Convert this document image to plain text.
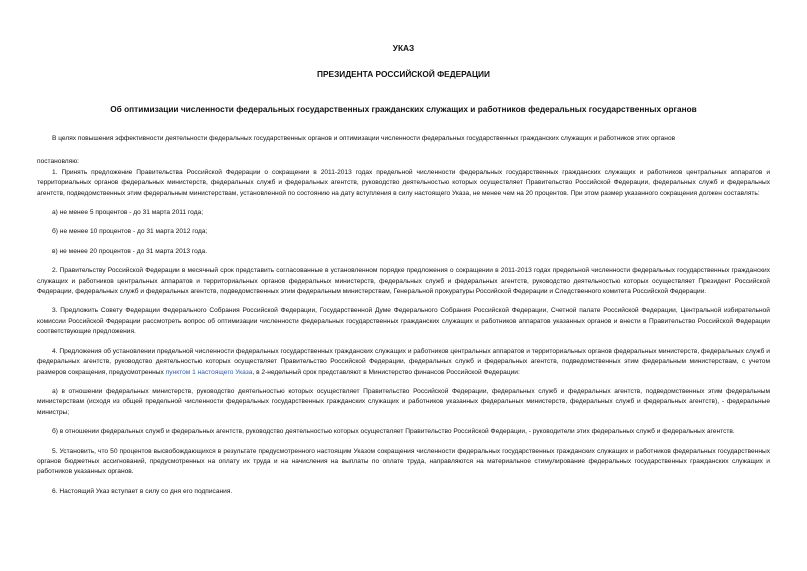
УКАЗ
ПРЕЗИДЕНТА РОССИЙСКОЙ ФЕДЕРАЦИИ
Об оптимизации численности федеральных государственных гражданских служащих и работников федеральных государственных органов

В целях повышения эффективности деятельности федеральных государственных органов и оптимизации численности федеральных государственных гражданских служащих и работников этих органов

постановляю:

1. Принять предложение Правительства Российской Федерации о сокращении в 2011-2013 годах предельной численности федеральных государственных гражданских служащих и работников центральных аппаратов и территориальных органов федеральных министерств, федеральных служб и федеральных агентств, руководство деятельностью которых осуществляет Правительство Российской Федерации, федеральных служб и федеральных агентств, подведомственных этим федеральным министерствам, установленной по состоянию на дату вступления в силу настоящего Указа, не менее чем на 20 процентов. При этом размер указанного сокращения должен составлять:

а) не менее 5 процентов - до 31 марта 2011 года;

б) не менее 10 процентов - до 31 марта 2012 года;

в) не менее 20 процентов - до 31 марта 2013 года.

2. Правительству Российской Федерации в месячный срок представить согласованные в установленном порядке предложения о сокращении в 2011-2013 годах предельной численности федеральных государственных гражданских служащих и работников центральных аппаратов и территориальных органов федеральных министерств, федеральных служб и федеральных агентств, руководство деятельностью которых осуществляет Президент Российской Федерации, федеральных служб и федеральных агентств, подведомственных этим федеральным министерствам, Генеральной прокуратуры Российской Федерации и Следственного комитета Российской Федерации.

3. Предложить Совету Федерации Федерального Собрания Российской Федерации, Государственной Думе Федерального Собрания Российской Федерации, Счетной палате Российской Федерации, Центральной избирательной комиссии Российской Федерации рассмотреть вопрос об оптимизации численности федеральных государственных гражданских служащих и работников аппаратов указанных органов и внести в Правительство Российской Федерации соответствующие предложения.

4. Предложения об установлении предельной численности федеральных государственных гражданских служащих и работников центральных аппаратов и территориальных органов федеральных министерств, федеральных служб и федеральных агентств, руководство деятельностью которых осуществляет Правительство Российской Федерации, федеральных служб и федеральных агентств, подведомственных этим федеральным министерствам, с учетом размеров сокращения, предусмотренных пунктом 1 настоящего Указа, в 2-недельный срок представляют в Министерство финансов Российской Федерации:

а) в отношении федеральных министерств, руководство деятельностью которых осуществляет Правительство Российской Федерации, федеральных служб и федеральных агентств, подведомственных этим федеральным министерствам (исходя из общей предельной численности федеральных государственных гражданских служащих и работников указанных федеральных министерств, федеральных служб и федеральных агентств), - федеральные министры;

б) в отношении федеральных служб и федеральных агентств, руководство деятельностью которых осуществляет Правительство Российской Федерации, - руководители этих федеральных служб и федеральных агентств.

5. Установить, что 50 процентов высвобождающихся в результате предусмотренного настоящим Указом сокращения численности федеральных государственных гражданских служащих и работников федеральных государственных органов бюджетных ассигнований, предусмотренных на оплату их труда и на начисления на выплаты по оплате труда, направляются на материальное стимулирование федеральных государственных гражданских служащих и работников указанных органов.

6. Настоящий Указ вступает в силу со дня его подписания.
